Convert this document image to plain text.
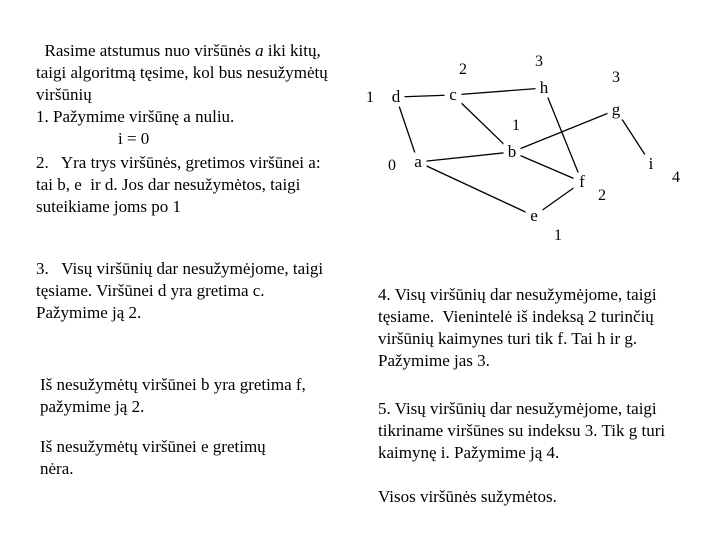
Rasime atstumus nuo viršūnės a iki kitų, taigi algoritmą tęsime, kol bus nesužymėtų viršūnių

1. Pažymime viršūnę a nuliu.
i = 0
2.   Yra trys viršūnės, gretimos viršūnei a: tai b, e  ir d. Jos dar nesužymėtos, taigi suteikiame joms po 1
3.   Visų viršūnių dar nesužymėjome, taigi tęsiame. Viršūnei d yra gretima c. Pažymime ją 2.
Iš nesužymėtų viršūnei b yra gretima f, pažymime ją 2.
Iš nesužymėtų viršūnei e gretimų nėra.
4. Visų viršūnių dar nesužymėjome, taigi tęsiame.  Vienintelė iš indeksą 2 turinčių viršūnių kaimynes turi tik f. Tai h ir g. Pažymime jas 3.
5. Visų viršūnių dar nesužymėjome, taigi tikriname viršūnes su indeksu 3. Tik g turi kaimynę i. Pažymime ją 4.
Visos viršūnės sužymėtos.
a
0
b
1
c
2
d
1
e
1
f
2
g
3
h
3
i
4
